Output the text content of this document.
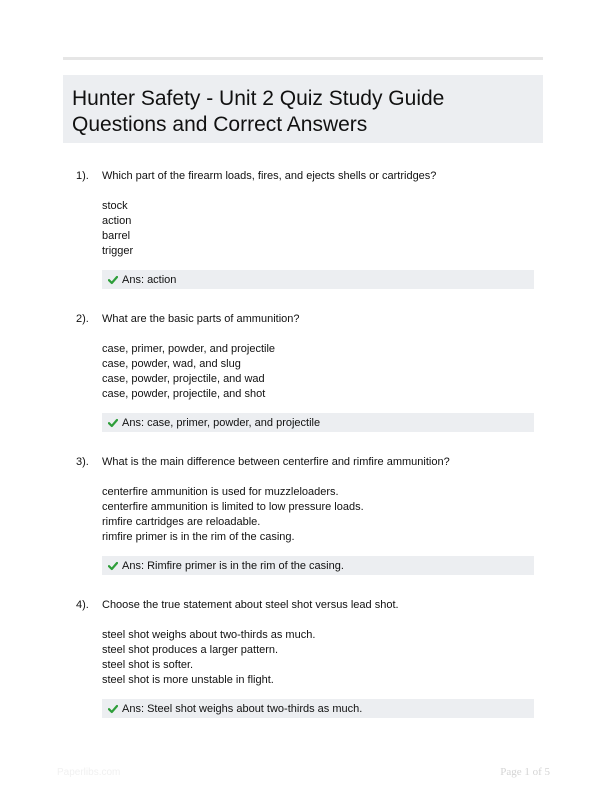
Hunter Safety - Unit 2 Quiz Study Guide
Questions and Correct Answers
1). Which part of the firearm loads, fires, and ejects shells or cartridges?
stock
action
barrel
trigger
Ans: action
2). What are the basic parts of ammunition?
case, primer, powder, and projectile
case, powder, wad, and slug
case, powder, projectile, and wad
case, powder, projectile, and shot
Ans: case, primer, powder, and projectile
3). What is the main difference between centerfire and rimfire ammunition?
centerfire ammunition is used for muzzleloaders.
centerfire ammunition is limited to low pressure loads.
rimfire cartridges are reloadable.
rimfire primer is in the rim of the casing.
Ans: Rimfire primer is in the rim of the casing.
4). Choose the true statement about steel shot versus lead shot.
steel shot weighs about two-thirds as much.
steel shot produces a larger pattern.
steel shot is softer.
steel shot is more unstable in flight.
Ans: Steel shot weighs about two-thirds as much.
Paperlibs.com	Page 1 of 5
